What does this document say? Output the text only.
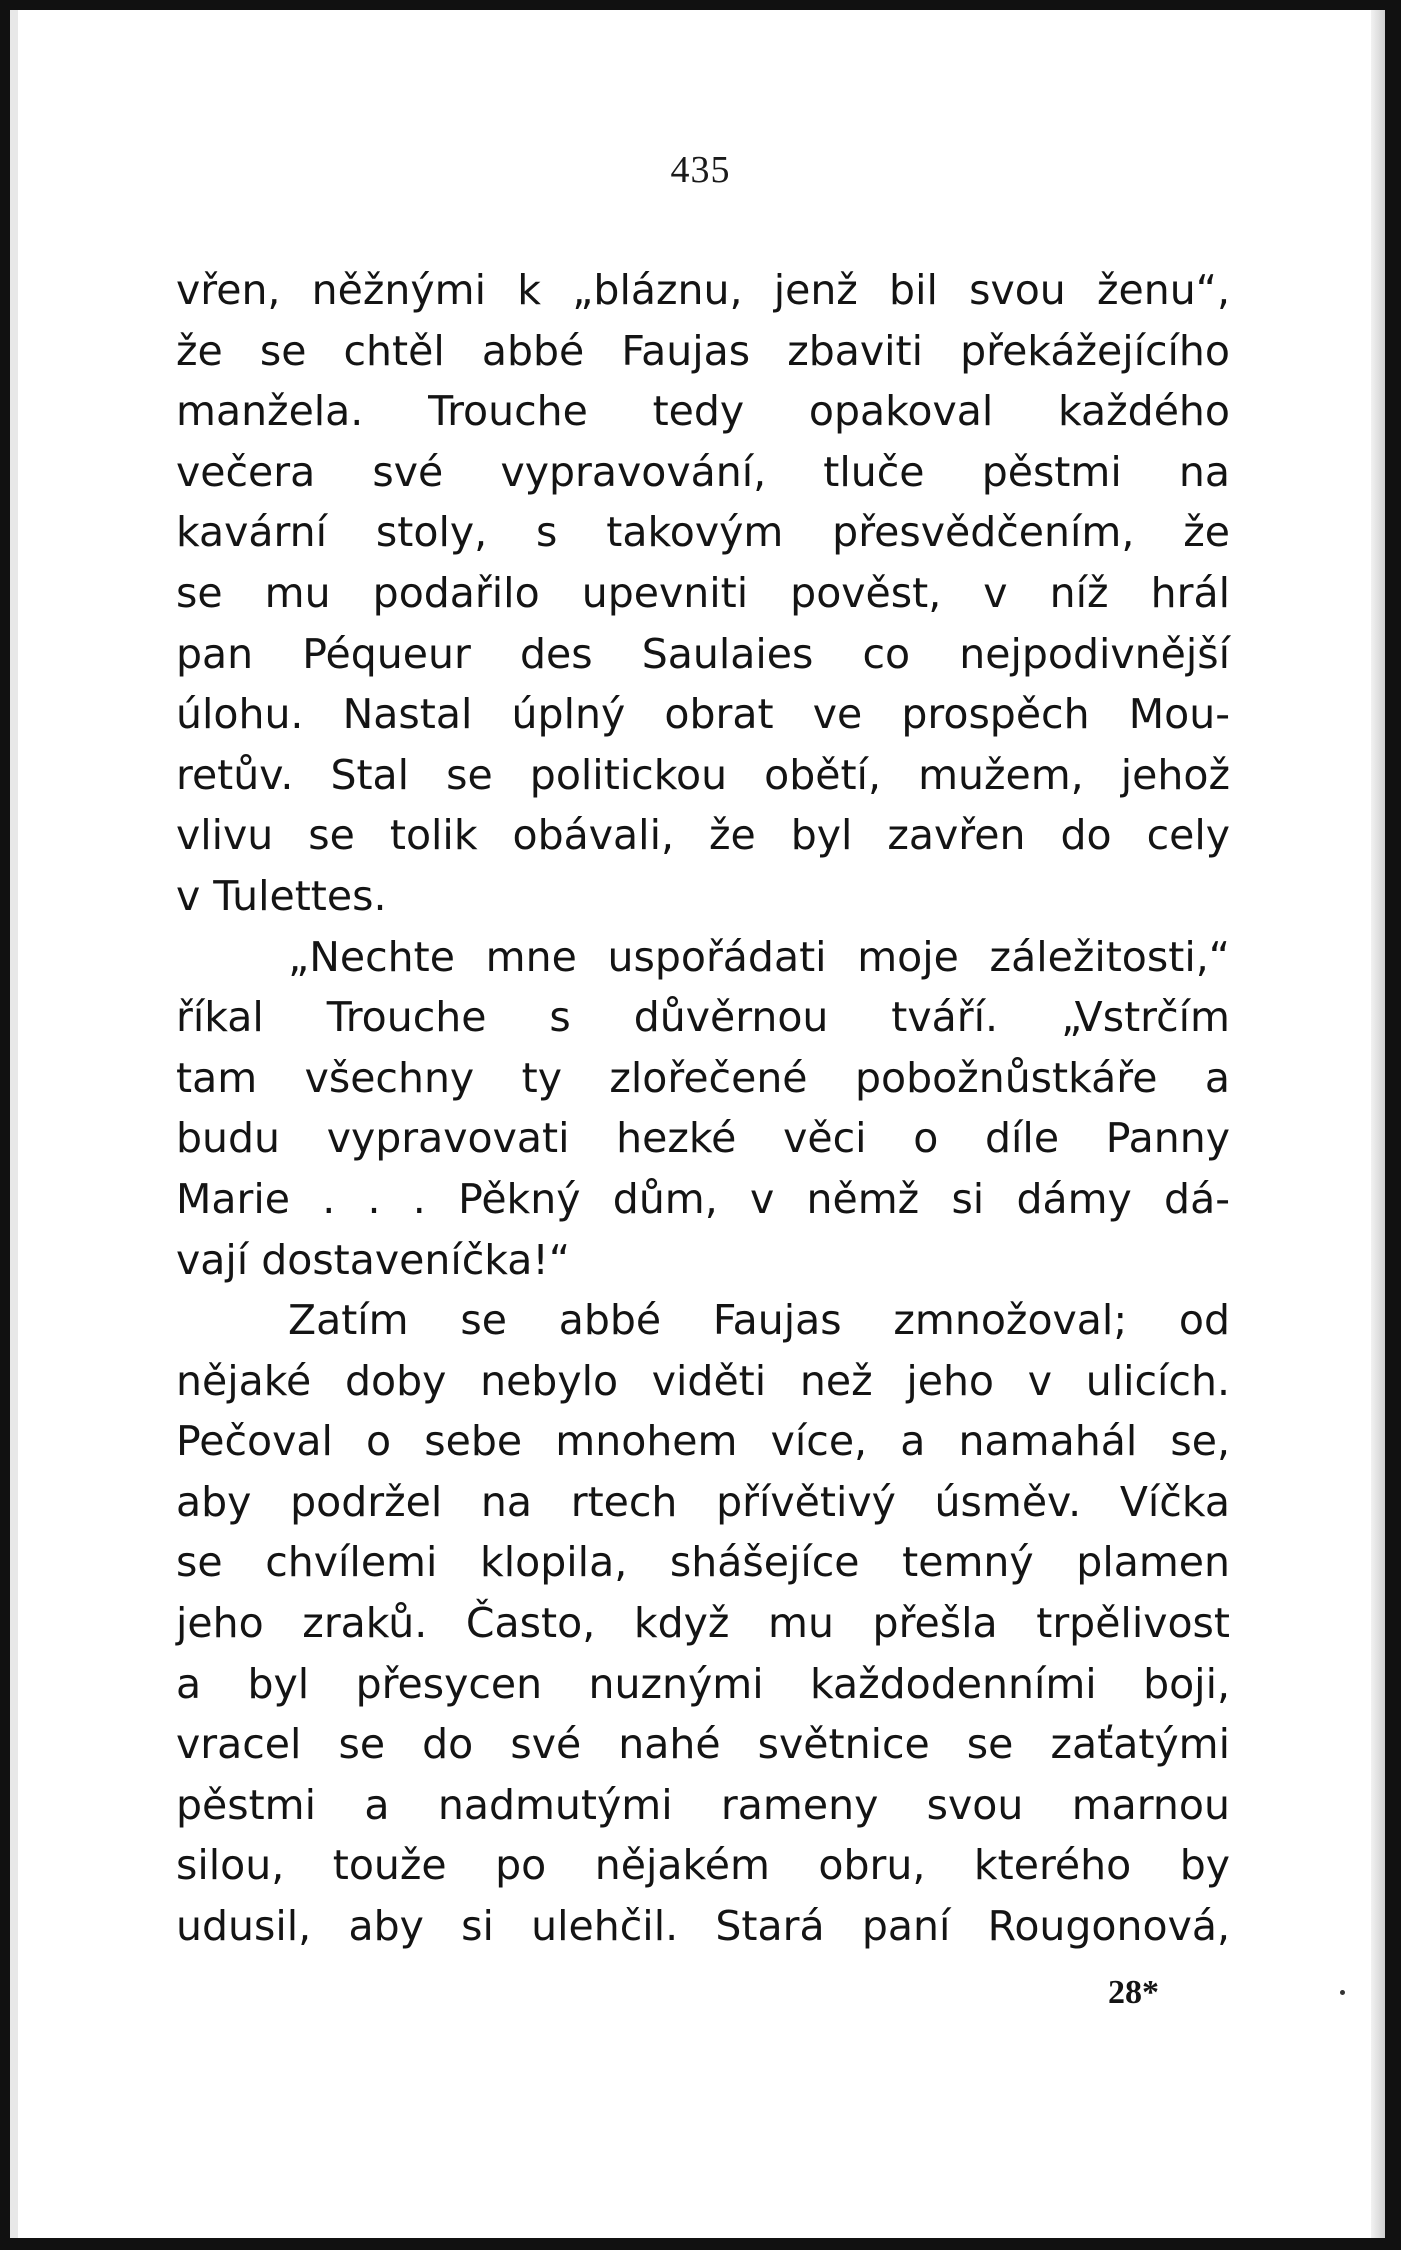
435
vřen, něžnými k „bláznu, jenž bil svou ženu“,
že se chtěl abbé Faujas zbaviti překážejícího
manžela. Trouche tedy opakoval každého
večera své vypravování, tluče pěstmi na
kavární stoly, s takovým přesvědčením, že
se mu podařilo upevniti pověst, v níž hrál
pan Péqueur des Saulaies co nejpodivnější
úlohu. Nastal úplný obrat ve prospěch Mou-
retův. Stal se politickou obětí, mužem, jehož
vlivu se tolik obávali, že byl zavřen do cely
v Tulettes.
„Nechte mne uspořádati moje záležitosti,“
říkal Trouche s důvěrnou tváří. „Vstrčím
tam všechny ty zlořečené pobožnůstkáře a
budu vypravovati hezké věci o díle Panny
Marie . . . Pěkný dům, v němž si dámy dá-
vají dostaveníčka!“
Zatím se abbé Faujas zmnožoval; od
nějaké doby nebylo viděti než jeho v ulicích.
Pečoval o sebe mnohem více, a namahál se,
aby podržel na rtech přívětivý úsměv. Víčka
se chvílemi klopila, shášejíce temný plamen
jeho zraků. Často, když mu přešla trpělivost
a byl přesycen nuznými každodenními boji,
vracel se do své nahé světnice se zaťatými
pěstmi a nadmutými rameny svou marnou
silou, touže po nějakém obru, kterého by
udusil, aby si ulehčil. Stará paní Rougonová,
28*
